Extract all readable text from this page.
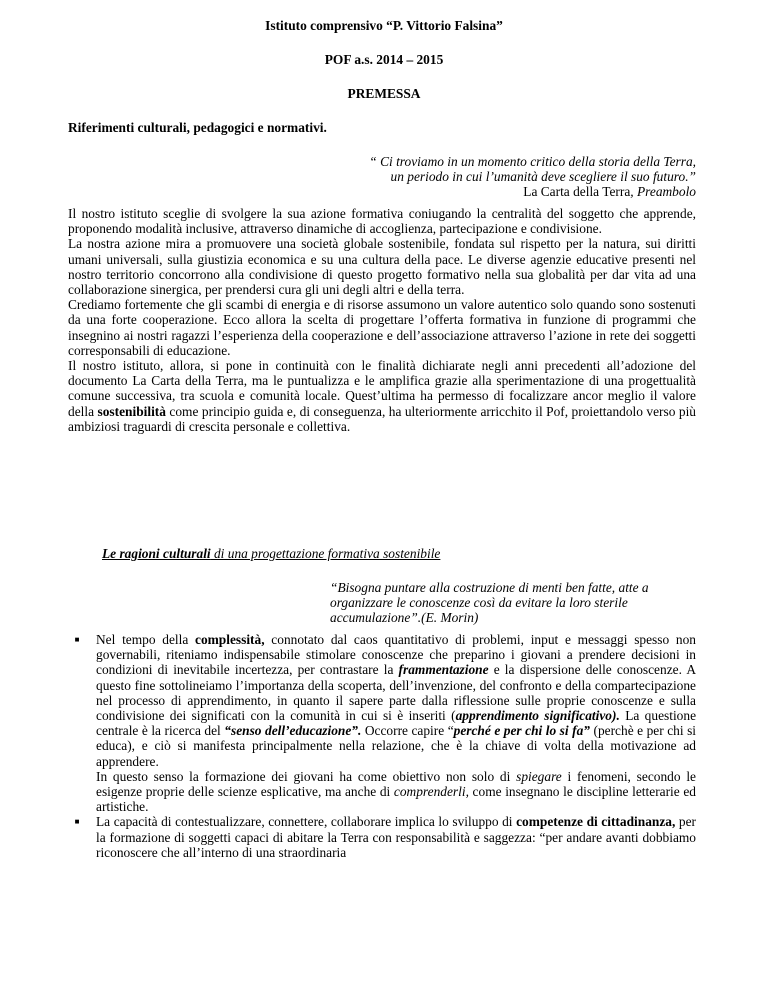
Istituto comprensivo “P. Vittorio Falsina”
POF a.s. 2014 – 2015
PREMESSA
Riferimenti culturali, pedagogici e normativi.
“ Ci troviamo in un momento critico della storia della Terra,
un periodo in cui l’umanità deve scegliere il suo futuro.”
La Carta della Terra, Preambolo

Il nostro istituto sceglie di svolgere la sua azione formativa coniugando la centralità del soggetto che apprende, proponendo modalità inclusive, attraverso dinamiche di accoglienza, partecipazione e condivisione.

La nostra azione mira a promuovere una società globale sostenibile, fondata sul rispetto per la natura, sui diritti umani universali, sulla giustizia economica e su una cultura della pace. Le diverse agenzie educative presenti nel nostro territorio concorrono alla condivisione di questo progetto formativo nella sua globalità per dar vita ad una collaborazione sinergica, per prendersi cura gli uni degli altri e della terra.

Crediamo fortemente che gli scambi di energia e di risorse assumono un valore autentico solo quando sono sostenuti da una forte cooperazione. Ecco allora la scelta di progettare l’offerta formativa in funzione di programmi che insegnino ai nostri ragazzi l’esperienza della cooperazione e dell’associazione attraverso l’azione in rete dei soggetti corresponsabili di educazione.

Il nostro istituto, allora, si pone in continuità con le finalità dichiarate negli anni precedenti all’adozione del documento La Carta della Terra, ma le puntualizza e le amplifica grazie alla sperimentazione di una progettualità comune successiva, tra scuola e comunità locale. Quest’ultima ha permesso di focalizzare ancor meglio il valore della sostenibilità come principio guida e, di conseguenza, ha ulteriormente arricchito il Pof, proiettandolo verso più ambiziosi traguardi di crescita personale e collettiva.

Le ragioni culturali di una progettazione formativa sostenibile
“Bisogna puntare alla costruzione di menti ben fatte, atte a organizzare le conoscenze così da evitare la loro sterile accumulazione”.(E. Morin)
■ Nel tempo della complessità, connotato dal caos quantitativo di problemi, input e messaggi spesso non governabili, riteniamo indispensabile stimolare conoscenze che preparino i giovani a prendere decisioni in condizioni di inevitabile incertezza, per contrastare la frammentazione e la dispersione delle conoscenze. A questo fine sottolineiamo l’importanza della scoperta, dell’invenzione, del confronto e della compartecipazione nel processo di apprendimento, in quanto il sapere parte dalla riflessione sulle proprie conoscenze e sulla condivisione dei significati con la comunità in cui si è inseriti (apprendimento significativo). La questione centrale è la ricerca del “senso dell’educazione”. Occorre capire “perché e per chi lo si fa” (perchè e per chi si educa), e ciò si manifesta principalmente nella relazione, che è la chiave di volta della motivazione ad apprendere.

In questo senso la formazione dei giovani ha come obiettivo non solo di spiegare i fenomeni, secondo le esigenze proprie delle scienze esplicative, ma anche di comprenderli, come insegnano le discipline letterarie ed artistiche.

■ La capacità di contestualizzare, connettere, collaborare implica lo sviluppo di competenze di cittadinanza, per la formazione di soggetti capaci di abitare la Terra con responsabilità e saggezza: “per andare avanti dobbiamo riconoscere che all’interno di una straordinaria
